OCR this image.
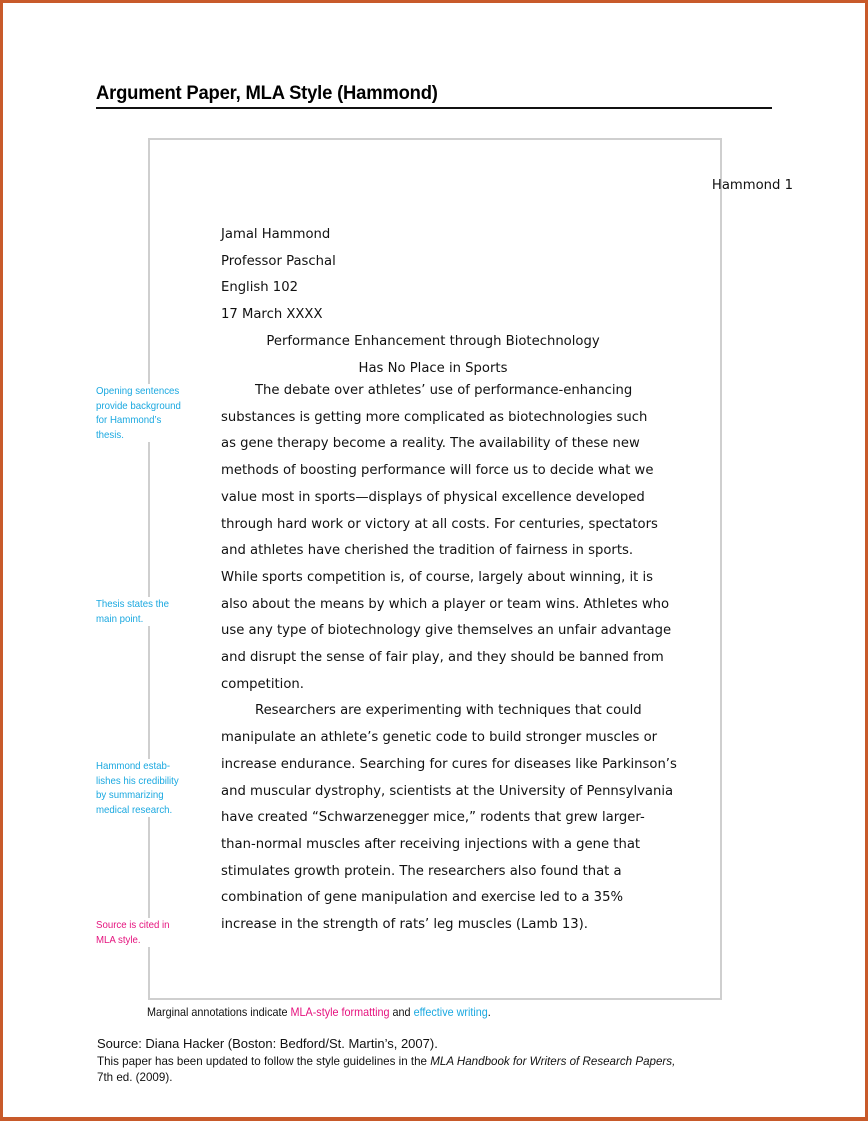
Argument Paper, MLA Style (Hammond)
Hammond 1
Jamal Hammond
Professor Paschal
English 102
17 March XXXX
Performance Enhancement through Biotechnology
Has No Place in Sports
The debate over athletes’ use of performance-enhancing
substances is getting more complicated as biotechnologies such
as gene therapy become a reality. The availability of these new
methods of boosting performance will force us to decide what we
value most in sports—displays of physical excellence developed
through hard work or victory at all costs. For centuries, spectators
and athletes have cherished the tradition of fairness in sports.
While sports competition is, of course, largely about winning, it is
also about the means by which a player or team wins. Athletes who
use any type of biotechnology give themselves an unfair advantage
and disrupt the sense of fair play, and they should be banned from
competition.
Researchers are experimenting with techniques that could
manipulate an athlete’s genetic code to build stronger muscles or
increase endurance. Searching for cures for diseases like Parkinson’s
and muscular dystrophy, scientists at the University of Pennsylvania
have created “Schwarzenegger mice,” rodents that grew larger-
than-normal muscles after receiving injections with a gene that
stimulates growth protein. The researchers also found that a
combination of gene manipulation and exercise led to a 35%
increase in the strength of rats’ leg muscles (Lamb 13).
Opening sentences
provide background
for Hammond’s
thesis.
Thesis states the
main point.
Hammond estab-
lishes his credibility
by summarizing
medical research.
Source is cited in
MLA style.
Marginal annotations indicate MLA-style formatting and effective writing.
Source: Diana Hacker (Boston: Bedford/St. Martin’s, 2007).
This paper has been updated to follow the style guidelines in the MLA Handbook for Writers of Research Papers,
7th ed. (2009).
